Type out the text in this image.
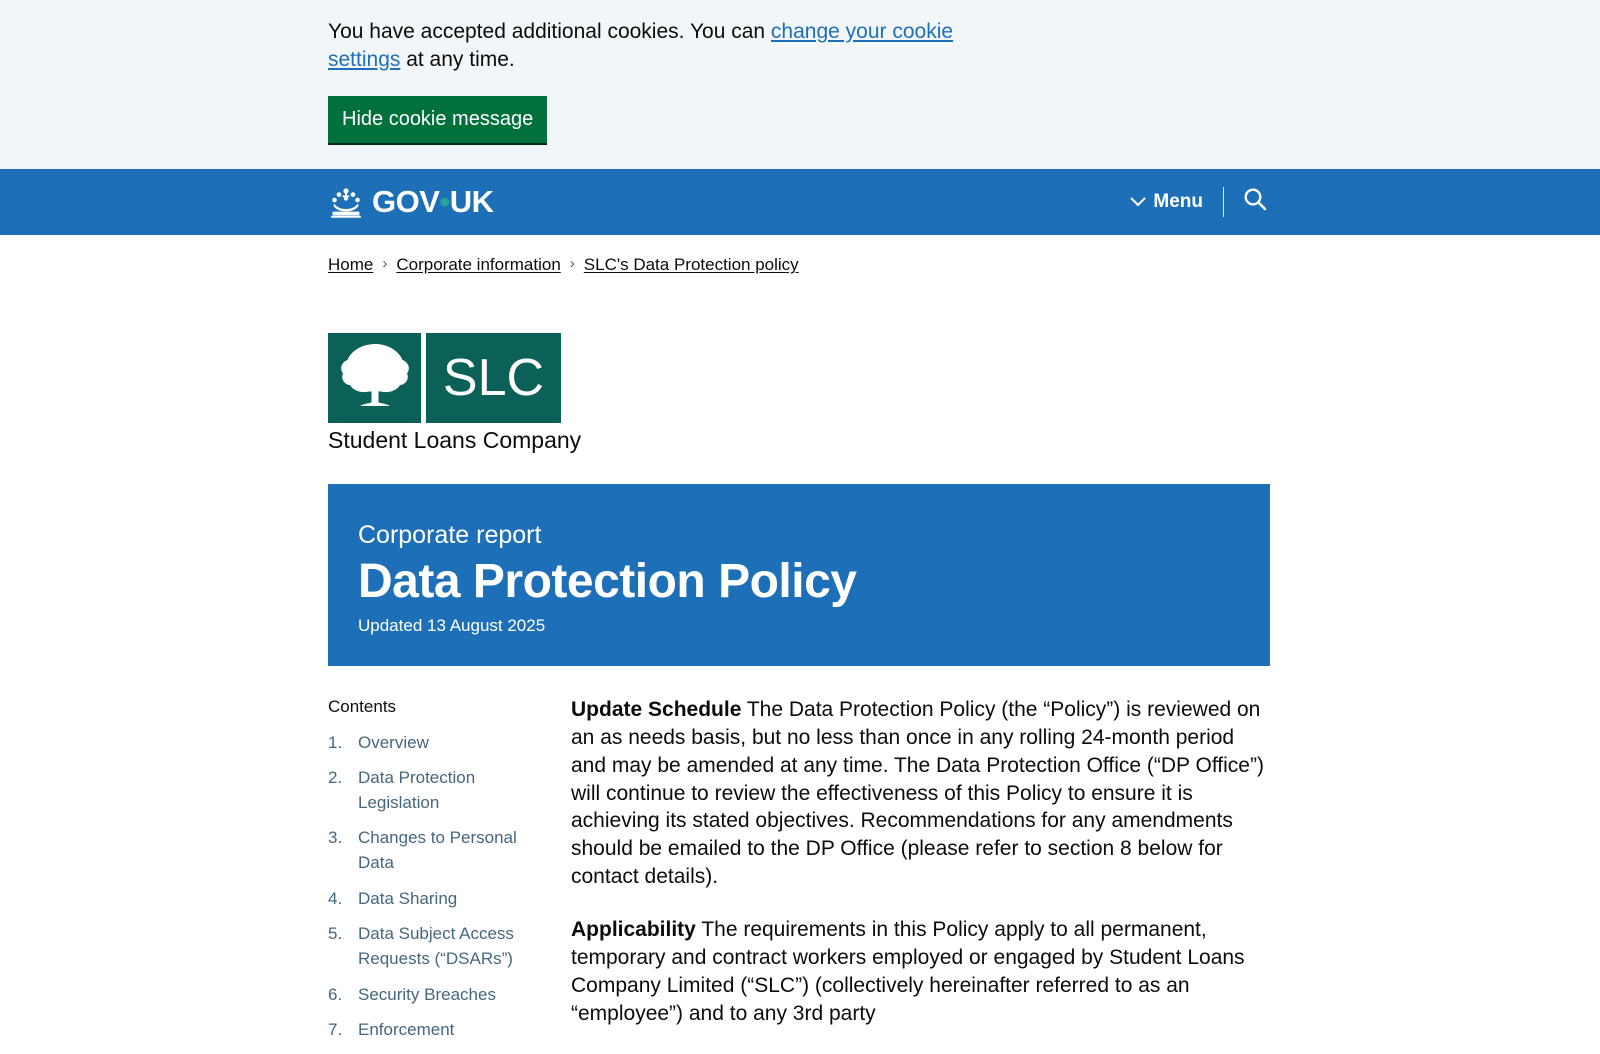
You have accepted additional cookies. You can change your cookie settings at any time.

Hide cookie message
GOV•UK	Menu
Home › Corporate information › SLC's Data Protection policy
SLC
Student Loans Company
Corporate report
Data Protection Policy
Updated 13 August 2025
Contents
1. Overview
2. Data Protection Legislation
3. Changes to Personal Data
4. Data Sharing
5. Data Subject Access Requests (“DSARs”)
6. Security Breaches
7. Enforcement

Update Schedule The Data Protection Policy (the “Policy”) is reviewed on an as needs basis, but no less than once in any rolling 24-month period and may be amended at any time. The Data Protection Office (“DP Office”) will continue to review the effectiveness of this Policy to ensure it is achieving its stated objectives. Recommendations for any amendments should be emailed to the DP Office (please refer to section 8 below for contact details).

Applicability The requirements in this Policy apply to all permanent, temporary and contract workers employed or engaged by Student Loans Company Limited (“SLC”) (collectively hereinafter referred to as an “employee”) and to any 3rd party
